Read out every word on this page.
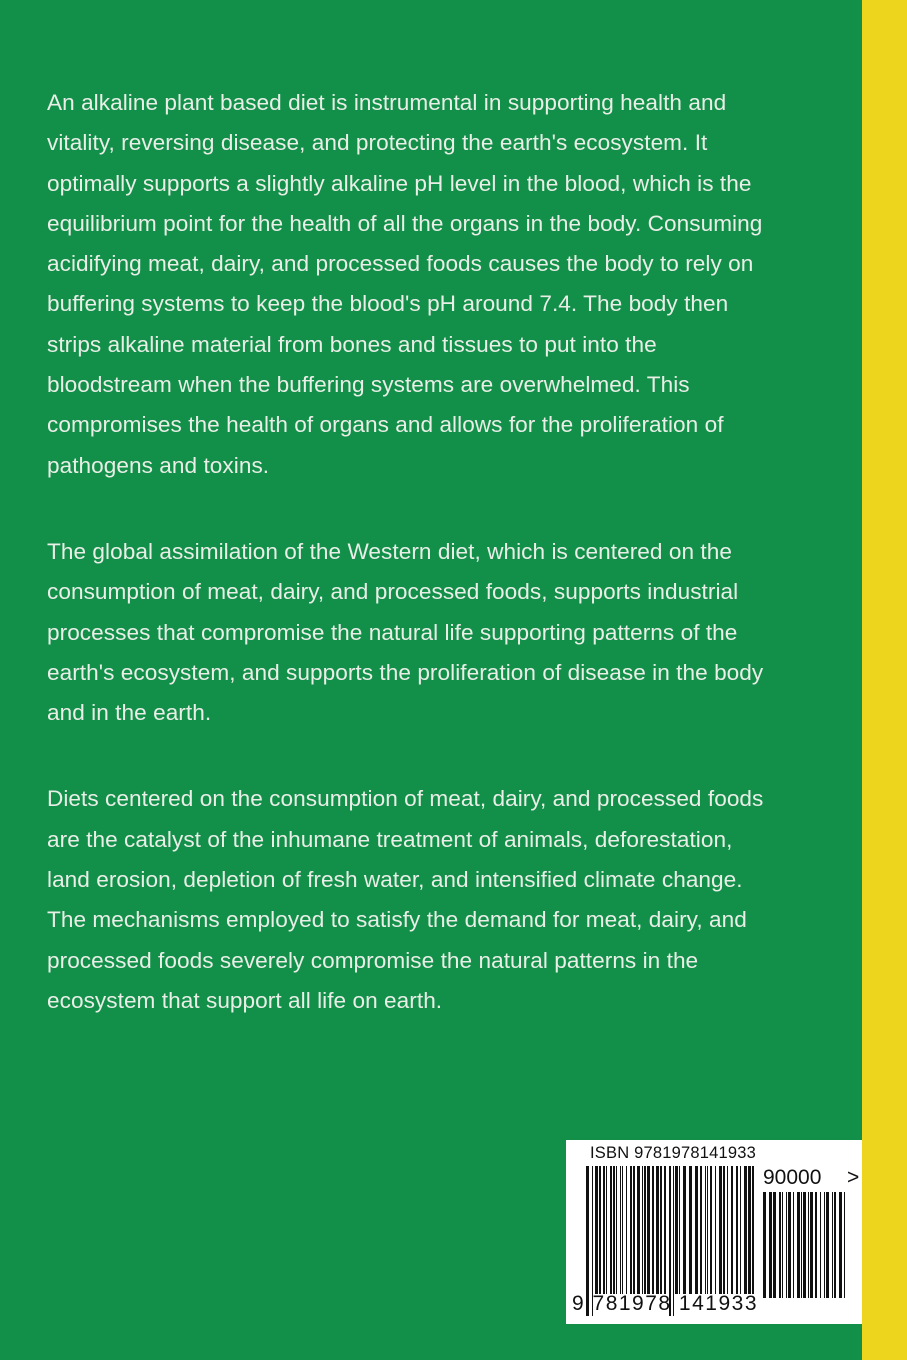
An alkaline plant based diet is instrumental in supporting health and
vitality, reversing disease, and protecting the earth's ecosystem. It
optimally supports a slightly alkaline pH level in the blood, which is the
equilibrium point for the health of all the organs in the body. Consuming
acidifying meat, dairy, and processed foods causes the body to rely on
buffering systems to keep the blood's pH around 7.4. The body then
strips alkaline material from bones and tissues to put into the
bloodstream when the buffering systems are overwhelmed. This
compromises the health of organs and allows for the proliferation of
pathogens and toxins.

The global assimilation of the Western diet, which is centered on the
consumption of meat, dairy, and processed foods, supports industrial
processes that compromise the natural life supporting patterns of the
earth's ecosystem, and supports the proliferation of disease in the body
and in the earth.

Diets centered on the consumption of meat, dairy, and processed foods
are the catalyst of the inhumane treatment of animals, deforestation,
land erosion, depletion of fresh water, and intensified climate change.
The mechanisms employed to satisfy the demand for meat, dairy, and
processed foods severely compromise the natural patterns in the
ecosystem that support all life on earth.

ISBN 9781978141933
90000 >
9 781978 141933
